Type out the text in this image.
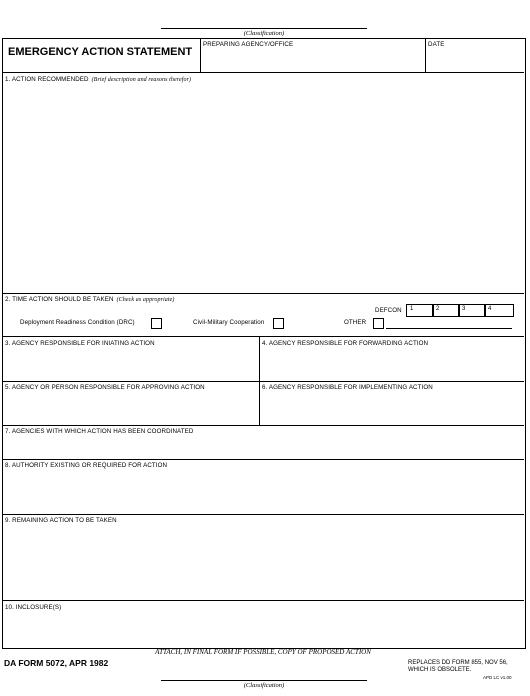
(Classification)
EMERGENCY ACTION STATEMENT
PREPARING AGENCY/OFFICE	DATE
1. ACTION RECOMMENDED (Brief description and reasons therefor)
2. TIME ACTION SHOULD BE TAKEN (Check as appropriate)
DEFCON 1	2	3	4
Deployment Readiness Condition (DRC)	Civil-Military Cooperation	OTHER
3. AGENCY RESPONSIBLE FOR INIATING ACTION	4. AGENCY RESPONSIBLE FOR FORWARDING ACTION
5. AGENCY OR PERSON RESPONSIBLE FOR APPROVING ACTION	6. AGENCY RESPONSIBLE FOR IMPLEMENTING ACTION
7. AGENCIES WITH WHICH ACTION HAS BEEN COORDINATED
8. AUTHORITY EXISTING OR REQUIRED FOR ACTION
9. REMAINING ACTION TO BE TAKEN
10. INCLOSURE(S)
ATTACH, IN FINAL FORM IF POSSIBLE, COPY OF PROPOSED ACTION
DA FORM 5072, APR 1982	REPLACES DD FORM 855, NOV 56,
WHICH IS OBSOLETE.
APD LC v1.00
(Classification)
